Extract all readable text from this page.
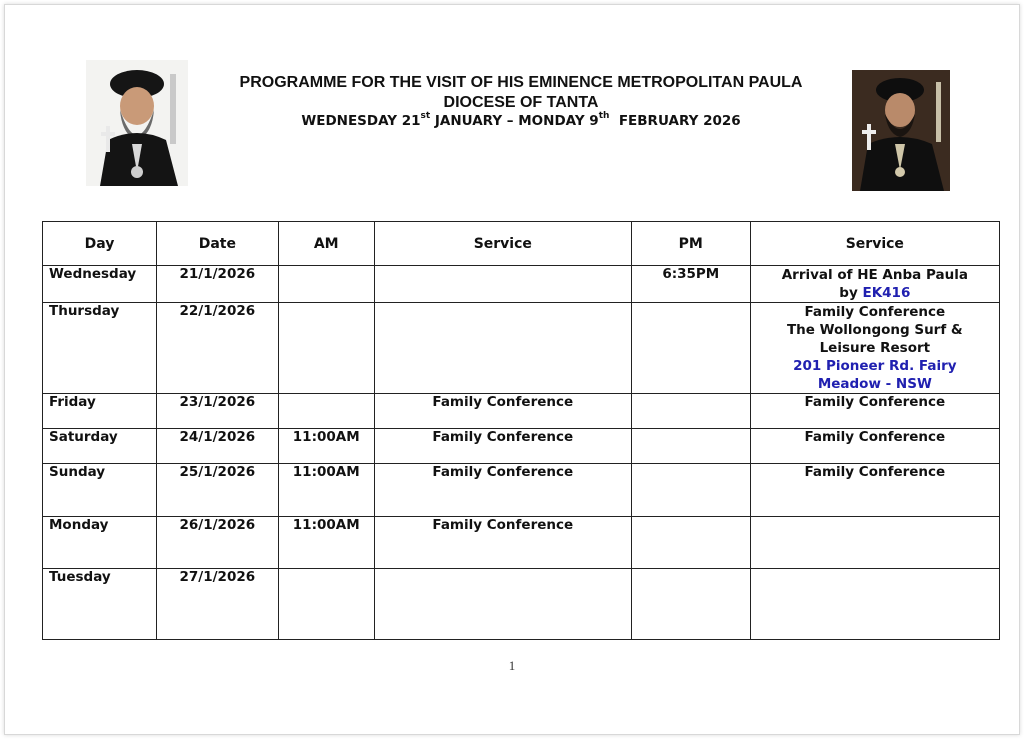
PROGRAMME FOR THE VISIT OF HIS EMINENCE METROPOLITAN PAULA
DIOCESE OF TANTA
WEDNESDAY 21st JANUARY – MONDAY 9th  FEBRUARY 2026
Day	Date	AM	Service	PM	Service
Wednesday	21/1/2026			6:35PM	Arrival of HE Anba Paula
by EK416

Thursday	22/1/2026				Family Conference
The Wollongong Surf &
Leisure Resort
201 Pioneer Rd. Fairy
Meadow - NSW

Friday	23/1/2026		Family Conference		Family Conference
Saturday	24/1/2026	11:00AM	Family Conference		Family Conference
Sunday	25/1/2026	11:00AM	Family Conference		Family Conference
Monday	26/1/2026	11:00AM	Family Conference		
Tuesday	27/1/2026				
1
